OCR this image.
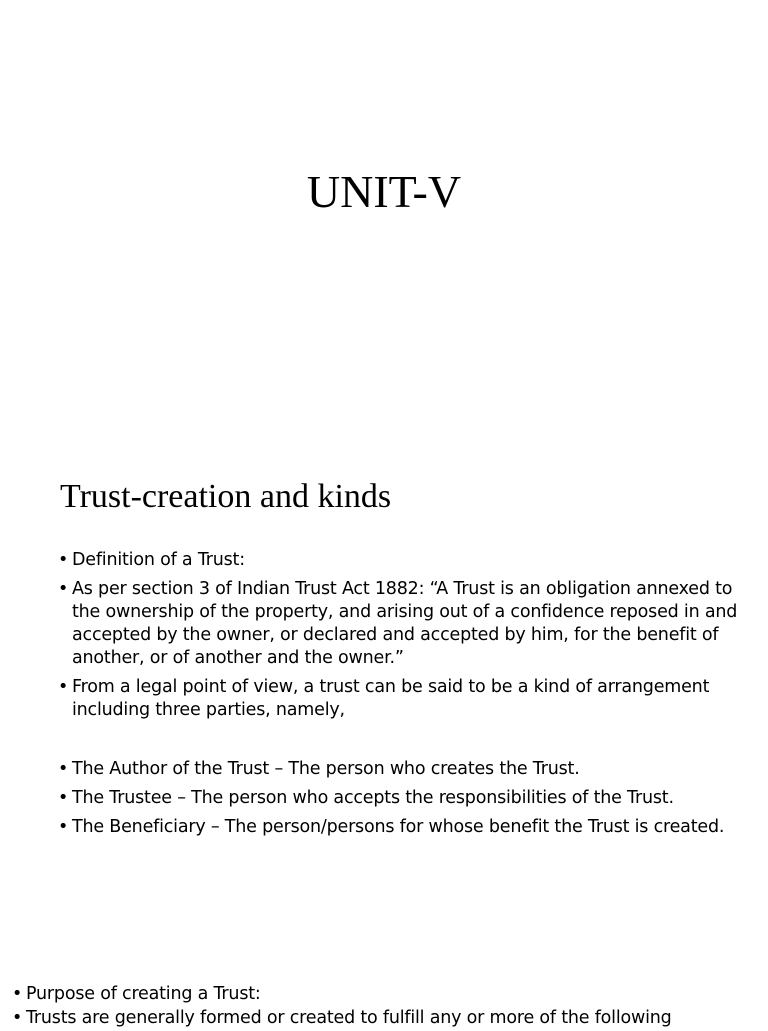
UNIT-V
Trust-creation and kinds
• Definition of a Trust:
• As per section 3 of Indian Trust Act 1882: “A Trust is an obligation annexed to the ownership of the property, and arising out of a confidence reposed in and accepted by the owner, or declared and accepted by him, for the benefit of another, or of another and the owner.”
• From a legal point of view, a trust can be said to be a kind of arrangement including three parties, namely,
• The Author of the Trust – The person who creates the Trust.
• The Trustee – The person who accepts the responsibilities of the Trust.
• The Beneficiary – The person/persons for whose benefit the Trust is created.
• Purpose of creating a Trust:
• Trusts are generally formed or created to fulfill any or more of the following
